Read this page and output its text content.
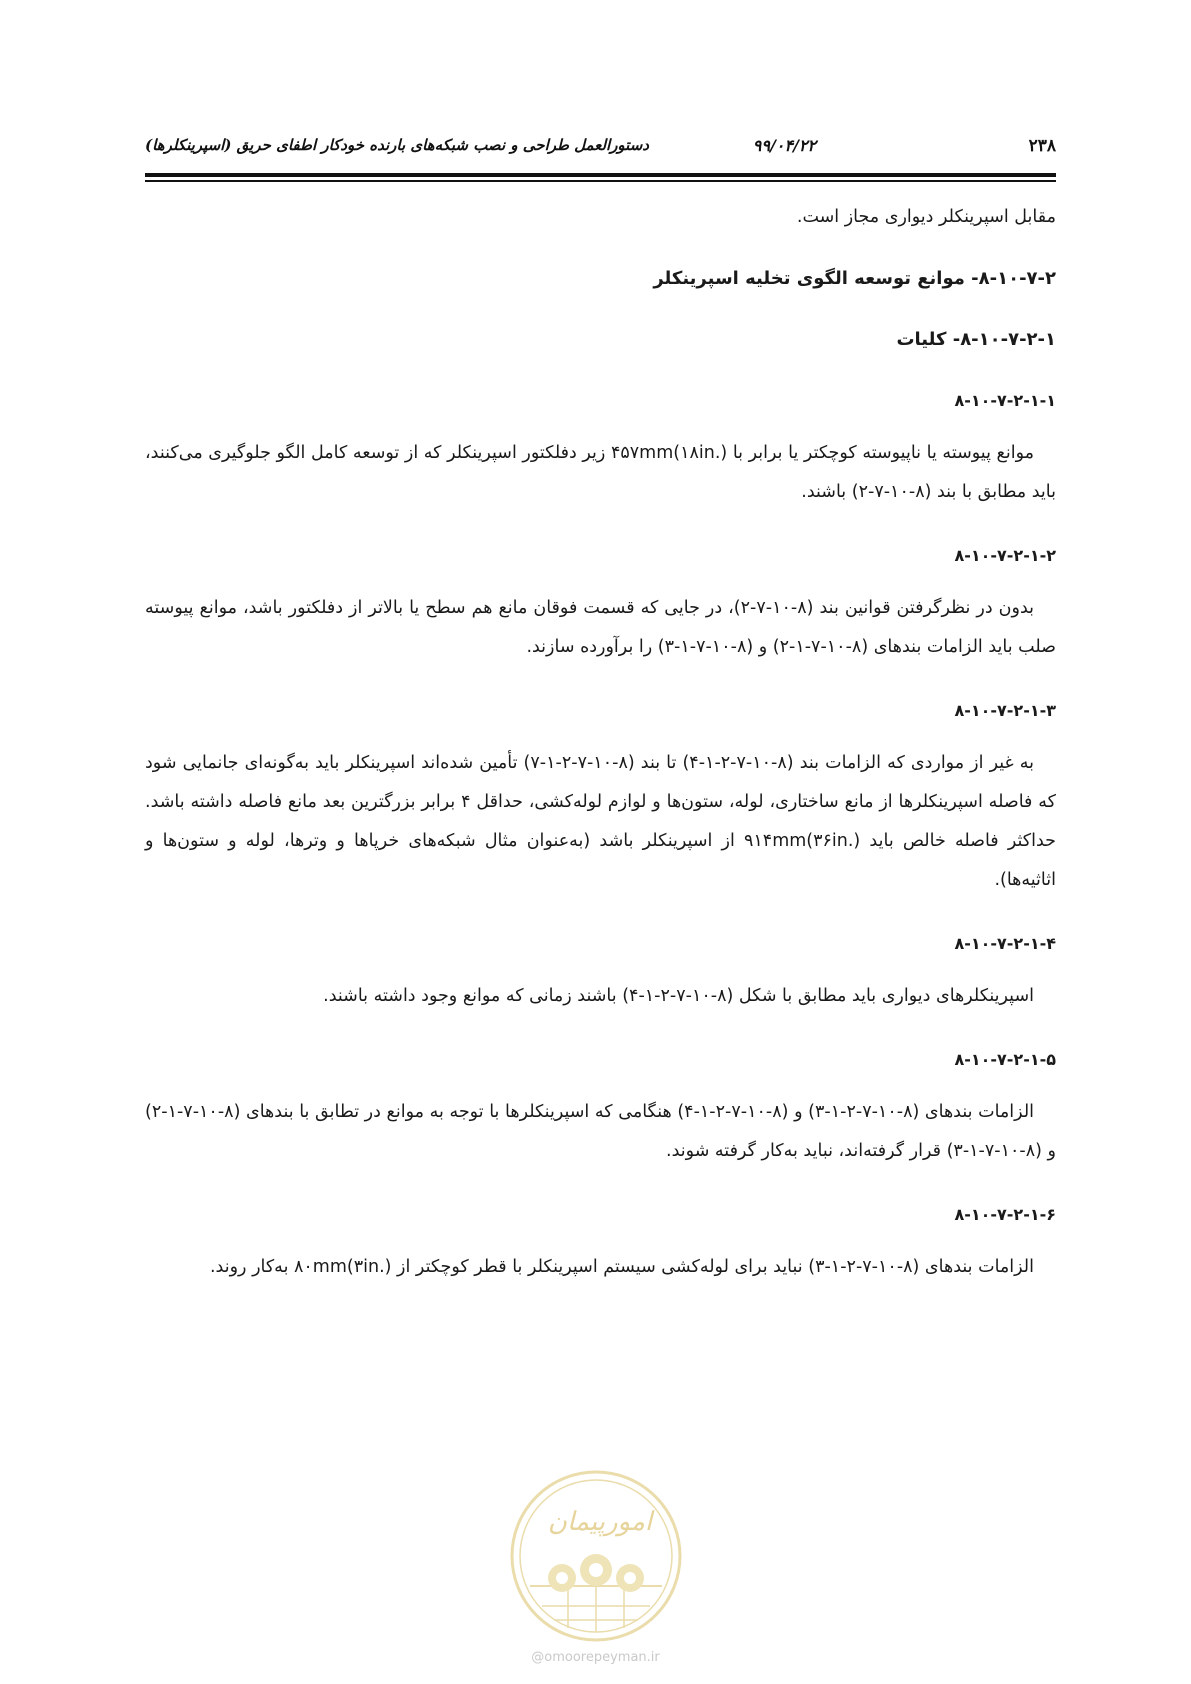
۲۳۸
۹۹/۰۴/۲۲
دستورالعمل طراحی و نصب شبکه‌های بارنده خودکار اطفای حریق (اسپرینکلرها)

مقابل اسپرینکلر دیواری مجاز است.

۸-۱۰-۷-۲- موانع توسعه الگوی تخلیه اسپرینکلر

۸-۱۰-۷-۲-۱- کلیات

۸-۱۰-۷-۲-۱-۱

موانع پیوسته یا ناپیوسته کوچکتر یا برابر با ۴۵۷mm(۱۸in.) زیر دفلکتور اسپرینکلر که از توسعه کامل الگو جلوگیری می‌کنند، باید مطابق با بند (۸-۱۰-۷-۲) باشند.

۸-۱۰-۷-۲-۱-۲

بدون در نظرگرفتن قوانین بند (۸-۱۰-۷-۲)، در جایی که قسمت فوقان مانع هم سطح یا بالاتر از دفلکتور باشد، موانع پیوسته صلب باید الزامات بندهای (۸-۱۰-۷-۱-۲) و (۸-۱۰-۷-۱-۳) را برآورده سازند.

۸-۱۰-۷-۲-۱-۳

به غیر از مواردی که الزامات بند (۸-۱۰-۷-۲-۱-۴) تا بند (۸-۱۰-۷-۲-۱-۷) تأمین شده‌اند اسپرینکلر باید به‌گونه‌ای جانمایی شود که فاصله اسپرینکلرها از مانع ساختاری، لوله، ستون‌ها و لوازم لوله‌کشی، حداقل ۴ برابر بزرگترین بعد مانع فاصله داشته باشد. حداکثر فاصله خالص باید ۹۱۴mm(۳۶in.) از اسپرینکلر باشد (به‌عنوان مثال شبکه‌های خرپاها و وترها، لوله و ستون‌ها و اثاثیه‌ها).

۸-۱۰-۷-۲-۱-۴

اسپرینکلرهای دیواری باید مطابق با شکل (۸-۱۰-۷-۲-۱-۴) باشند زمانی که موانع وجود داشته باشند.

۸-۱۰-۷-۲-۱-۵

الزامات بندهای (۸-۱۰-۷-۲-۱-۳) و (۸-۱۰-۷-۲-۱-۴) هنگامی که اسپرینکلرها با توجه به موانع در تطابق با بندهای (۸-۱۰-۷-۱-۲) و (۸-۱۰-۷-۱-۳) قرار گرفته‌اند، نباید به‌کار گرفته شوند.

۸-۱۰-۷-۲-۱-۶

الزامات بندهای (۸-۱۰-۷-۲-۱-۳) نباید برای لوله‌کشی سیستم اسپرینکلر با قطر کوچکتر از ۸۰mm(۳in.) به‌کار روند.

امورپیمان
@omoorepeyman.ir
